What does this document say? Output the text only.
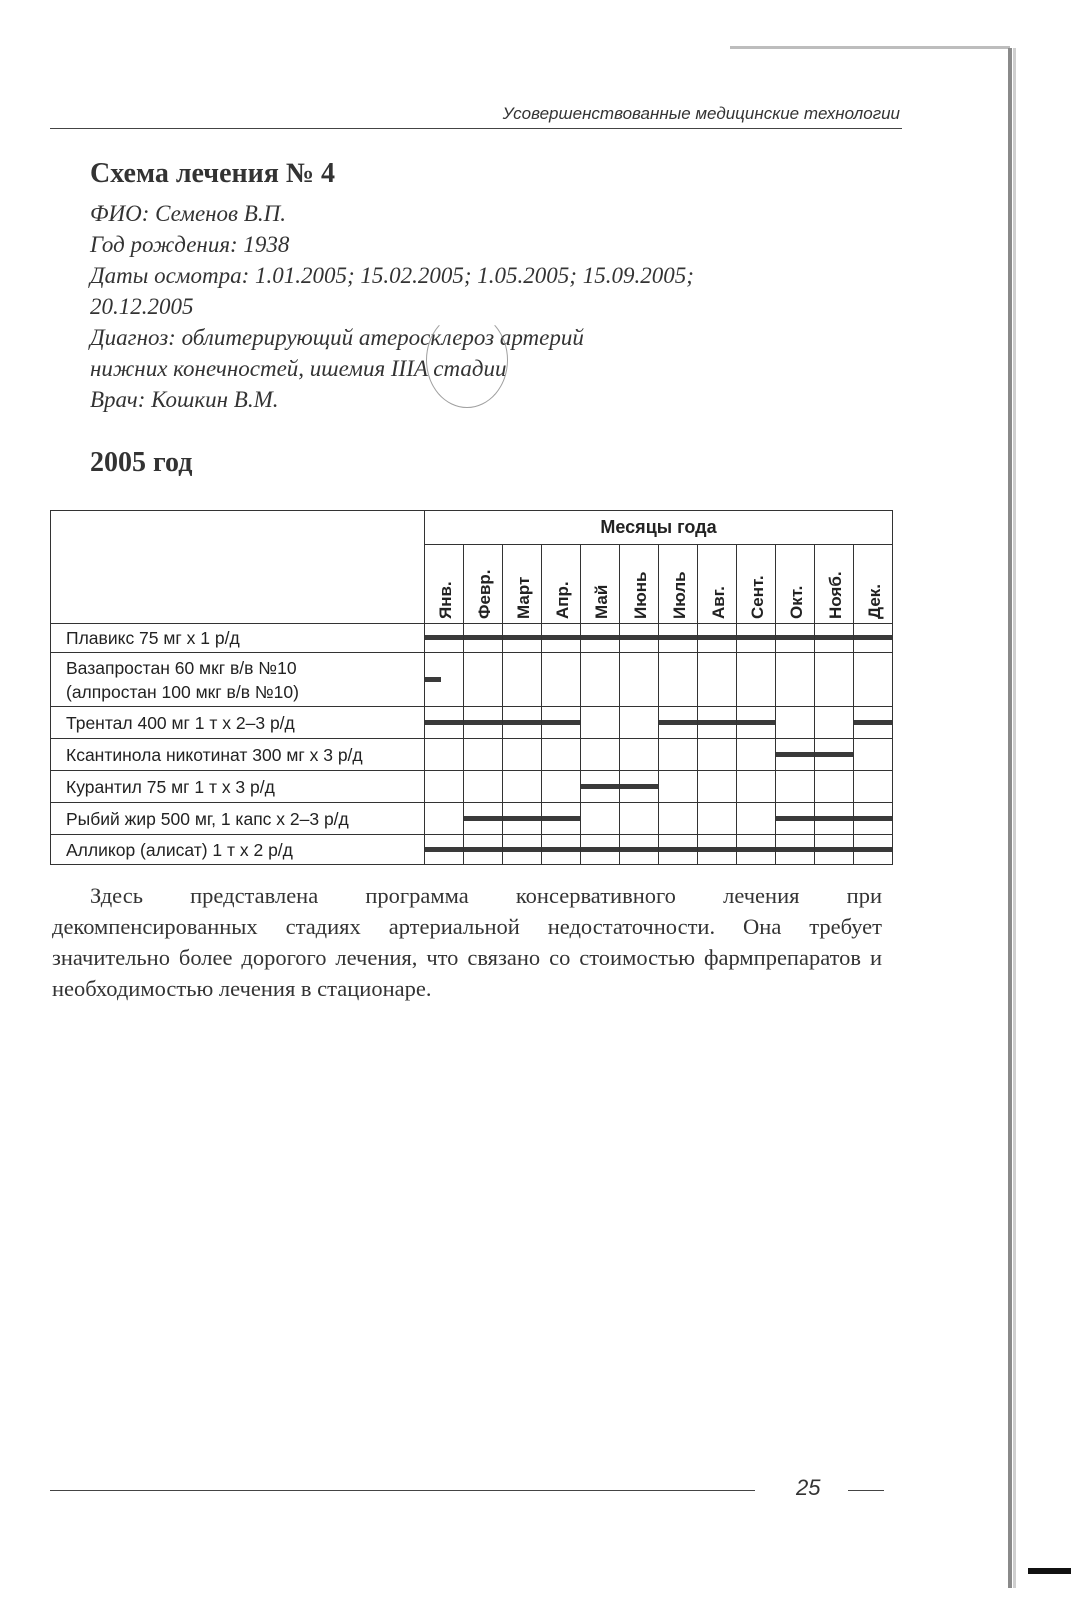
Усовершенствованные медицинские технологии
Схема лечения № 4
ФИО: Семенов В.П.
Год рождения: 1938
Даты осмотра: 1.01.2005; 15.02.2005; 1.05.2005; 15.09.2005;
20.12.2005
Диагноз: облитерирующий атеросклероз артерий
нижних конечностей, ишемия IIIA стадии
Врач: Кошкин В.М.
2005 год
	Месяцы года											

	Янв.	Февр.	Март	Апр.	Май	Июнь	Июль	Авг.	Сент.	Окт.	Нояб.	Дек.

Плавикс 75 мг х 1 р/д												

Вазапростан 60 мкг в/в №10
(алпростан 100 мкг в/в №10)												

Трентал 400 мг 1 т х 2–3 р/д												

Ксантинола никотинат 300 мг х 3 р/д												

Курантил 75 мг 1 т х 3 р/д												

Рыбий жир 500 мг, 1 капс х 2–3 р/д												

Алликор (алисат) 1 т х 2 р/д												

Здесь представлена программа консервативного лечения при декомпенсированных стадиях артериальной недостаточности. Она требует значительно более дорогого лечения, что связано со стоимостью фармпрепаратов и необходимостью лечения в стационаре.
25
